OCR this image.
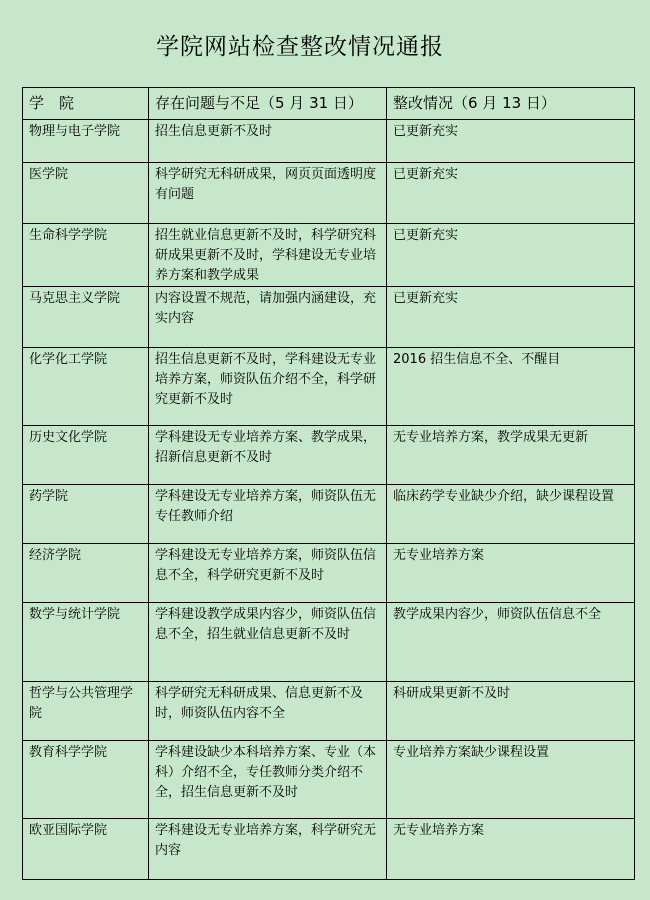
学院网站检查整改情况通报
学　院	存在问题与不足（5 月 31 日）	整改情况（6 月 13 日）
物理与电子学院	招生信息更新不及时	已更新充实
医学院	科学研究无科研成果，网页页面透明度有问题	已更新充实
生命科学学院	招生就业信息更新不及时，科学研究科研成果更新不及时，学科建设无专业培养方案和教学成果	已更新充实
马克思主义学院	内容设置不规范，请加强内涵建设，充实内容	已更新充实
化学化工学院	招生信息更新不及时，学科建设无专业培养方案，师资队伍介绍不全，科学研究更新不及时	2016 招生信息不全、不醒目
历史文化学院	学科建设无专业培养方案、教学成果，招新信息更新不及时	无专业培养方案，教学成果无更新
药学院	学科建设无专业培养方案，师资队伍无专任教师介绍	临床药学专业缺少介绍，缺少课程设置
经济学院	学科建设无专业培养方案，师资队伍信息不全，科学研究更新不及时	无专业培养方案
数学与统计学院	学科建设教学成果内容少，师资队伍信息不全，招生就业信息更新不及时	教学成果内容少，师资队伍信息不全
哲学与公共管理学院	科学研究无科研成果、信息更新不及时，师资队伍内容不全	科研成果更新不及时
教育科学学院	学科建设缺少本科培养方案、专业（本科）介绍不全，专任教师分类介绍不全，招生信息更新不及时	专业培养方案缺少课程设置
欧亚国际学院	学科建设无专业培养方案，科学研究无内容	无专业培养方案
